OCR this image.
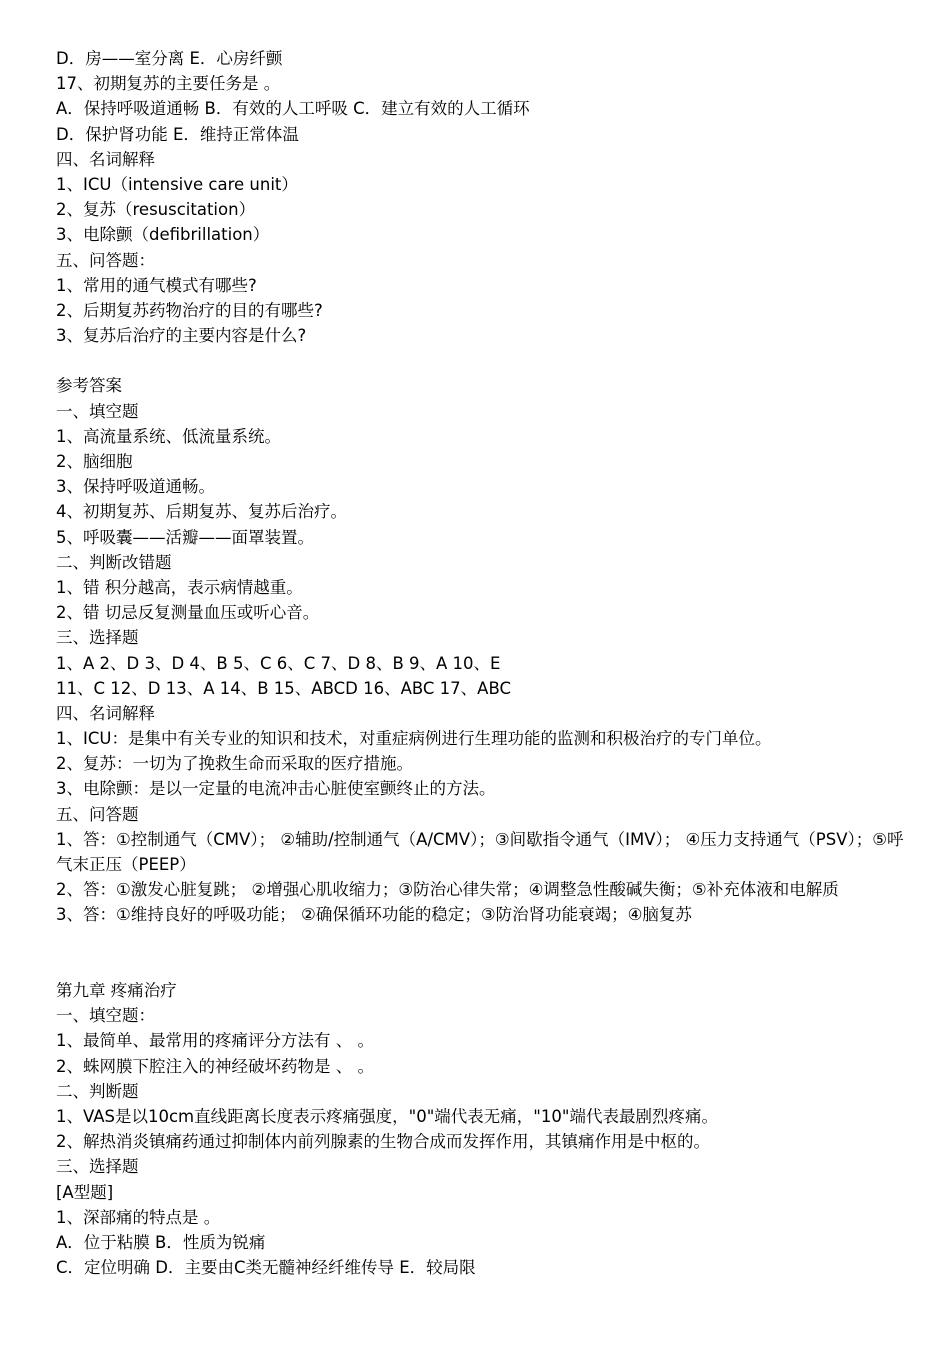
D．房——室分离 E．心房纤颤
17、初期复苏的主要任务是 。
A．保持呼吸道通畅 B．有效的人工呼吸 C．建立有效的人工循环
D．保护肾功能 E．维持正常体温
四、名词解释
1、ICU（intensive care unit）
2、复苏（resuscitation）
3、电除颤（defibrillation）
五、问答题：
1、常用的通气模式有哪些?
2、后期复苏药物治疗的目的有哪些?
3、复苏后治疗的主要内容是什么?
参考答案
一、填空题
1、高流量系统、低流量系统。
2、脑细胞
3、保持呼吸道通畅。
4、初期复苏、后期复苏、复苏后治疗。
5、呼吸囊——活瓣——面罩装置。
二、判断改错题
1、错 积分越高，表示病情越重。
2、错 切忌反复测量血压或听心音。
三、选择题
1、A 2、D 3、D 4、B 5、C 6、C 7、D 8、B 9、A 10、E
11、C 12、D 13、A 14、B 15、ABCD 16、ABC 17、ABC
四、名词解释
1、ICU：是集中有关专业的知识和技术，对重症病例进行生理功能的监测和积极治疗的专门单位。
2、复苏：一切为了挽救生命而采取的医疗措施。
3、电除颤：是以一定量的电流冲击心脏使室颤终止的方法。
五、问答题
1、答：①控制通气（CMV）； ②辅助/控制通气（A/CMV）；③间歇指令通气（IMV）； ④压力支持通气（PSV）；⑤呼气末正压（PEEP）
2、答：①激发心脏复跳； ②增强心肌收缩力；③防治心律失常；④调整急性酸碱失衡；⑤补充体液和电解质
3、答：①维持良好的呼吸功能； ②确保循环功能的稳定；③防治肾功能衰竭；④脑复苏
第九章 疼痛治疗
一、填空题：
1、最简单、最常用的疼痛评分方法有 、 。
2、蛛网膜下腔注入的神经破坏药物是 、 。
二、判断题
1、VAS是以10cm直线距离长度表示疼痛强度，"0"端代表无痛，"10"端代表最剧烈疼痛。
2、解热消炎镇痛药通过抑制体内前列腺素的生物合成而发挥作用，其镇痛作用是中枢的。
三、选择题
[A型题]
1、深部痛的特点是 。
A．位于粘膜 B．性质为锐痛
C．定位明确 D．主要由C类无髓神经纤维传导 E．较局限
